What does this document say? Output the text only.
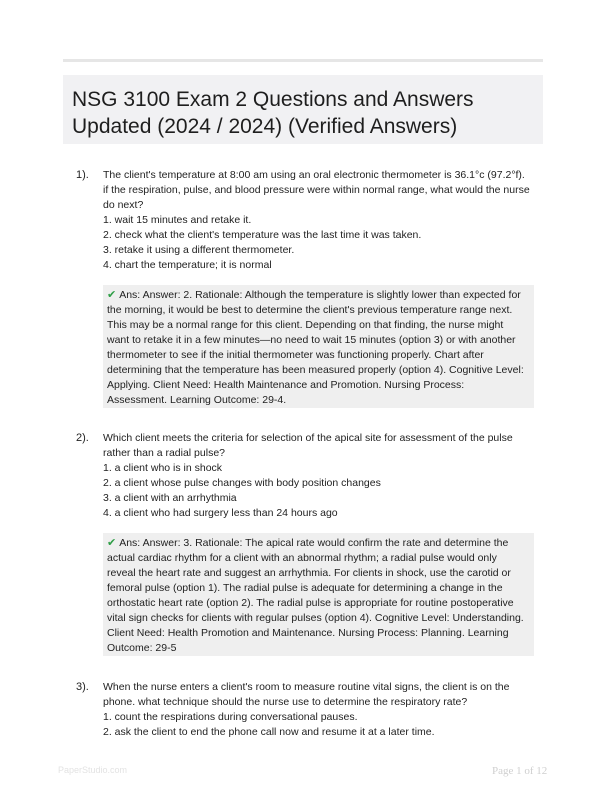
NSG 3100 Exam 2 Questions and Answers
Updated (2024 / 2024) (Verified Answers)
1). The client's temperature at 8:00 am using an oral electronic thermometer is 36.1°c (97.2°f).

if the respiration, pulse, and blood pressure were within normal range, what would the nurse

do next?

1. wait 15 minutes and retake it.

2. check what the client's temperature was the last time it was taken.

3. retake it using a different thermometer.

4. chart the temperature; it is normal

✔ Ans: Answer: 2. Rationale: Although the temperature is slightly lower than expected for

the morning, it would be best to determine the client's previous temperature range next.

This may be a normal range for this client. Depending on that finding, the nurse might

want to retake it in a few minutes—no need to wait 15 minutes (option 3) or with another

thermometer to see if the initial thermometer was functioning properly. Chart after

determining that the temperature has been measured properly (option 4). Cognitive Level:

Applying. Client Need: Health Maintenance and Promotion. Nursing Process:

Assessment. Learning Outcome: 29-4.

2). Which client meets the criteria for selection of the apical site for assessment of the pulse

rather than a radial pulse?

1. a client who is in shock

2. a client whose pulse changes with body position changes

3. a client with an arrhythmia

4. a client who had surgery less than 24 hours ago

✔ Ans: Answer: 3. Rationale: The apical rate would confirm the rate and determine the

actual cardiac rhythm for a client with an abnormal rhythm; a radial pulse would only

reveal the heart rate and suggest an arrhythmia. For clients in shock, use the carotid or

femoral pulse (option 1). The radial pulse is adequate for determining a change in the

orthostatic heart rate (option 2). The radial pulse is appropriate for routine postoperative

vital sign checks for clients with regular pulses (option 4). Cognitive Level: Understanding.

Client Need: Health Promotion and Maintenance. Nursing Process: Planning. Learning

Outcome: 29-5

3). When the nurse enters a client's room to measure routine vital signs, the client is on the

phone. what technique should the nurse use to determine the respiratory rate?

1. count the respirations during conversational pauses.

2. ask the client to end the phone call now and resume it at a later time.

PaperStudio.com	Page 1 of 12
